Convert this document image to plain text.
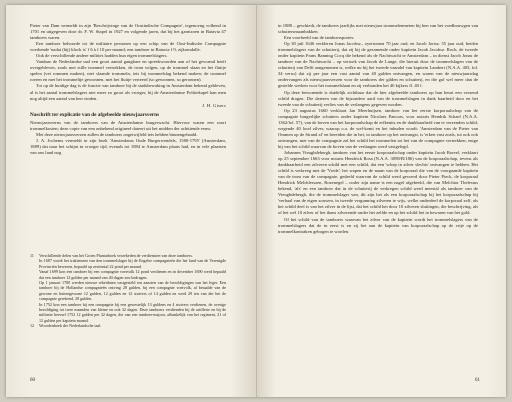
Pieter van Dam vermeldt in zijn 'Beschrijvinge van de Oostindische Compagnie', tegenovng volbend in 1701 en uitgegeven door dr. F. W. Stapel in 1927 en volgende jaren, dat bij het garnizoen in Batavia 47 tamboers waren.

Een tamboer behoorde tot de militaire personen op een schip van de Oost-Indische Compagnie voerbende 'nadat (hij) klock is' f 6 à f 10 per maand; een tamboer in Batavia f 9, zijkomdalle.

Ook de verschillende andere milities hadden hun eigen trommelslagers.

Vandaar de Nederlandse taal een groot aantal gangbare en spreekwoorden aan of het gevormd heeft overgebleven, zoals met stille trommel vertrekken, de trom volgen, op de trommel slaan en het fluitje spelen (vet rommen maken), niet slaande trommeln, iets bij trommelslag bekend maken; de trommel roeren en met het trommeltje gewonnen, met het fluitje verteerd (so gewonnen, so geronnen).

Tot op de huidige dag is de functie van tamboer bij de stadsbewaking in Amsterdam bekend gebleven, al is het aantal trommelslagers niet meer zo groot als vroeger, bij de Amsterdamse Politiekapel kan men nog altijd een aantal van hen vinden.

J. H. Gisers
Naschrift ter explicatie van de afgebeelde nieuwjaarsverns

Nieuwjaarsverns van de tamboers van de Amsterdamse burgerwacht. Hiervoor waren een soort trommelkosten; deze copie van een onbekend origineel dateert uit het midden der achttiende eeuw.

Met deze nieuwjaarsverzen zullen de tamboers ongetwijfeld iets hebben binnengehaald.

J. A. Jochems vermeldt in zijn boek 'Amsterdams Oude Burgerwendels, 1580-1795' (Amsterdam, 1889) dat naar het schijnt in vroeger tijd, evenals tot 1884 te Amsterdam plaats had, en in vele plaatsen van ons land nog

11	Verschillende delen van het Groen Plantarboek verzekeden de verdiensten van deze tamboers.
In 1687 wordt het traktement van den trommelslager bij de Engelse compagnieën die het land van de Verenigde Provinciën bewezen, bepaald op zestiental 22 pond per maand.
Vanaf 1699 kon een tamboer bij een compagnie voetvolk 12 pond verdienen en in december 1690 werd bepaald dat een tamboer 12 gulden per maand van 40 dagen zou bedragen.
Op 1 januari 1700 werden nieuwe reketdaten vastgesteld ten aanzien van de bezoldigingen van het leger. Een tamboer bij de Hollandse compagnieën ontving 28 gulden, bij een compagnie voetvolk, af betaalde van de gewone en buitengewone 12 gulden, 12 gulden en 12 stuivers of 14 gulden en werd 29 ten van der het de compagnie gerekend, 28 gulden.
In 1752 kon een tamboer bij een compagnie bij een gewestelijk 13 guldens en 4 stuivers verdienen, de overige bezoldiging tot twee maanden van kleine en ook 32 dagen. Deze tamboers verdienden bij de artillerie en bij de militaire heersel 1752 12 gulden per 32 dagen, die van een tamboer-majoor, afhankelijk van het regiment, 21 of 12 gulden per kapitein maand.
12	Woordenboek der Nederlandsche taal.
60

in 1888 – geschiedt, de tamboers jaarlijks met nieuwjaar trommelenmeten bij hen van het voedbouwgen van schuttersmaanbakken.

Een voorbeeld van de tamboersportes:

Op 30 juli 1646 verkleren Jonas Jacobsz., oyertomen 70 jaar oud, en Jacob Jorisz. 55 jaar oud, beiden trommelslagers van de schutterij, dat zij bij de gezamende onder kapitein Jacob Jacobsz. Roch, de tweede onder kapitein Frans Banning Cocq die bekend als de Nachtwacht te Amsterdam – in dienst Jacob Jonas de tamboer van de Nachtwacht – op vertoek van Jacob de Lange, die hieruit door de trommelslagen van de schutterij van Delft aangenomen is, welke nu bij het tweede vaandel van kapitein Lambert (N.A.A. 403, fol. 34 verso) dat zij per jaar een vast aantal van 40 gulden ontvangen, en waren van de nieuwjaarsdag ondervangen als nieuwjaarsverzen voor de tamboers der gilden en schutterij, en die gaf wel meer dan de gestelde werken voor het trommelslaan en zij verbonden het 40 kijkers fl. 40 f.

Op deze bewonende is duidelijk zichtbaar dat de hier afgebeelde tamboers op hun beurt een verzend schild dragen. Die dateren van de bijzondere aard van de trommelslagen in dank baarheid door en het tweede van de schutterij verlies van de verlangens gegeven worden.

Op 23 augustus 1660 verklaart Jan Meerhuijsen, tamboer van het eerste korporaalschap van de compagnie burgerlijke schutters onder kapitein Nicolaes Pancras, voor notaris Hendrik Schaef (N.A.A. 1362/fol. 57), van de boven van het korporaalschap de erfkentis en de dankbaarheid van te verzenden schild, wegende 40 lood zilver, waarop o.a. de wel-komt en het inhuden wordt: 'Amsterdam van de Pieter van Ommen op de Strand af' en bereiden die in het, in tamboer op het ontvangst, is 'erken vast zoals, tot ook ook ontvangen, met van de compagnie zal het schild het trommelen tot het van de compagnie vertrekken, enige hij van het schild waarvan de boven van de verlangen werd vastgelegd.

Johannes Vieughdebergh, tamboer van het eerste korporaalschap onder kapitein Jacob Boreel, verklaart op 25 september 1663 voor notaris Hendrick Rosa (N.A.A. 3098/B/186) van de korporaalschap, tevens als dankbaarheid een zilveren schild met een schild, dat een 'schep in zilver slechts' ontvangen te hebben. Het schild is verkreeg met de 'Vrede', het wapen en de naam van de korporaal die van de voorgaande kapitein van de trom van de compagnie, gedeeld waarvan de schild werd gevoerd door Pieter Pieck, de korporaal Hendrick Melchlerszen, Rozenegel – ooder zijn name is een nagel afgebeeld, die van Melchior Thelesius bekend, 'als' en een tamboer dat in de schutterij de verkregen schild werd meestal als tamboer van de Vieughdebergh, die de trommelslager van, dit zijn het als een korporaalschap bij het korporaalschap bij 'verbaal van de eigen zouwen, in tweede vergunning zilveren te wijs, welke onderdeel de korporaal zelf, als het schild deel is van het zilver in de lijst, dat het schild het door 10 zilveren sluitingen, die beschrijving, als of het wel 10 zilver of het thans zilverende onder het zelfde en op het schild het in bewaren van het gold.

Of het schild van de tamboers waarvan het zilver van de kapitein wordt het trommelslagers van de trommelslagers dat de in eerst is en zij het aan de kapitein van korporaalschap op de vrije op de trommelkontraken gebogen te worden.

61
